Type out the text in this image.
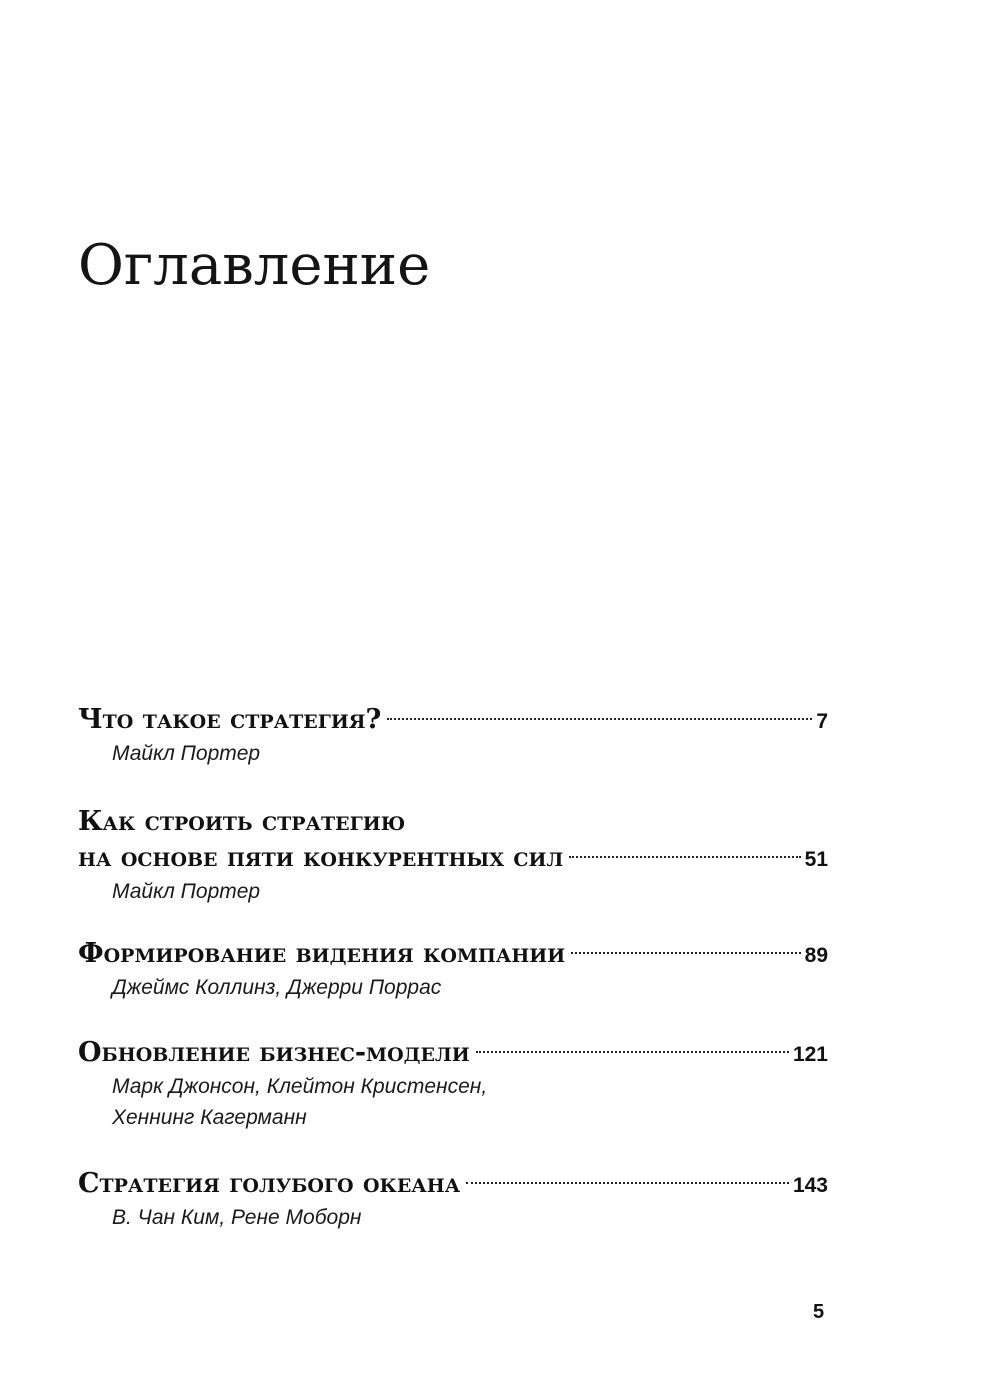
Оглавление
Что такое стратегия?	7
Майкл Портер
Как строить стратегию
на основе пяти конкурентных сил	51
Майкл Портер
Формирование видения компании	89
Джеймс Коллинз, Джерри Поррас
Обновление бизнес-модели	121
Марк Джонсон, Клейтон Кристенсен,
Хеннинг Кагерманн
Стратегия голубого океана	143
В. Чан Ким, Рене Моборн
5
